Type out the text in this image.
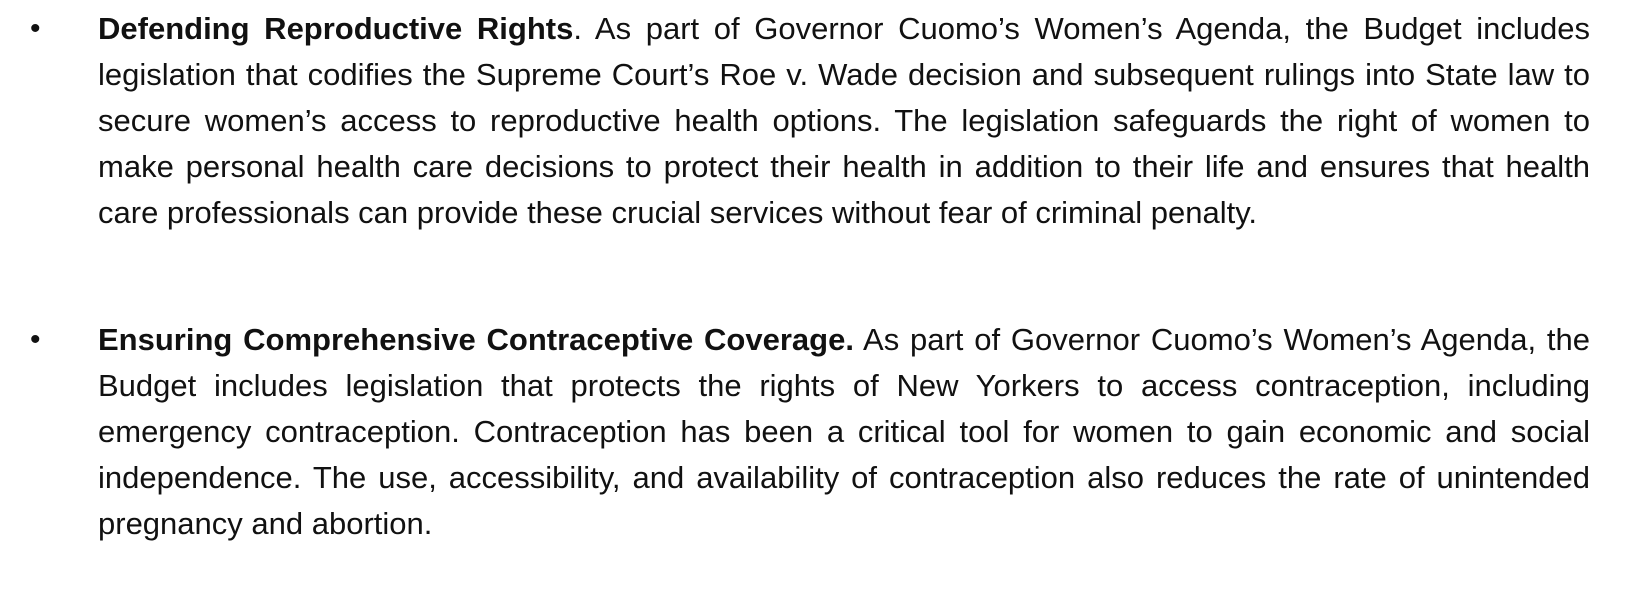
•	Defending Reproductive Rights. As part of Governor Cuomo’s Women’s Agenda, the Budget includes legislation that codifies the Supreme Court’s Roe v. Wade decision and subsequent rulings into State law to secure women’s access to reproductive health options. The legislation safeguards the right of women to make personal health care decisions to protect their health in addition to their life and ensures that health care professionals can provide these crucial services without fear of criminal penalty.
•	Ensuring Comprehensive Contraceptive Coverage. As part of Governor Cuomo’s Women’s Agenda, the Budget includes legislation that protects the rights of New Yorkers to access contraception, including emergency contraception. Contraception has been a critical tool for women to gain economic and social independence. The use, accessibility, and availability of contraception also reduces the rate of unintended pregnancy and abortion.
